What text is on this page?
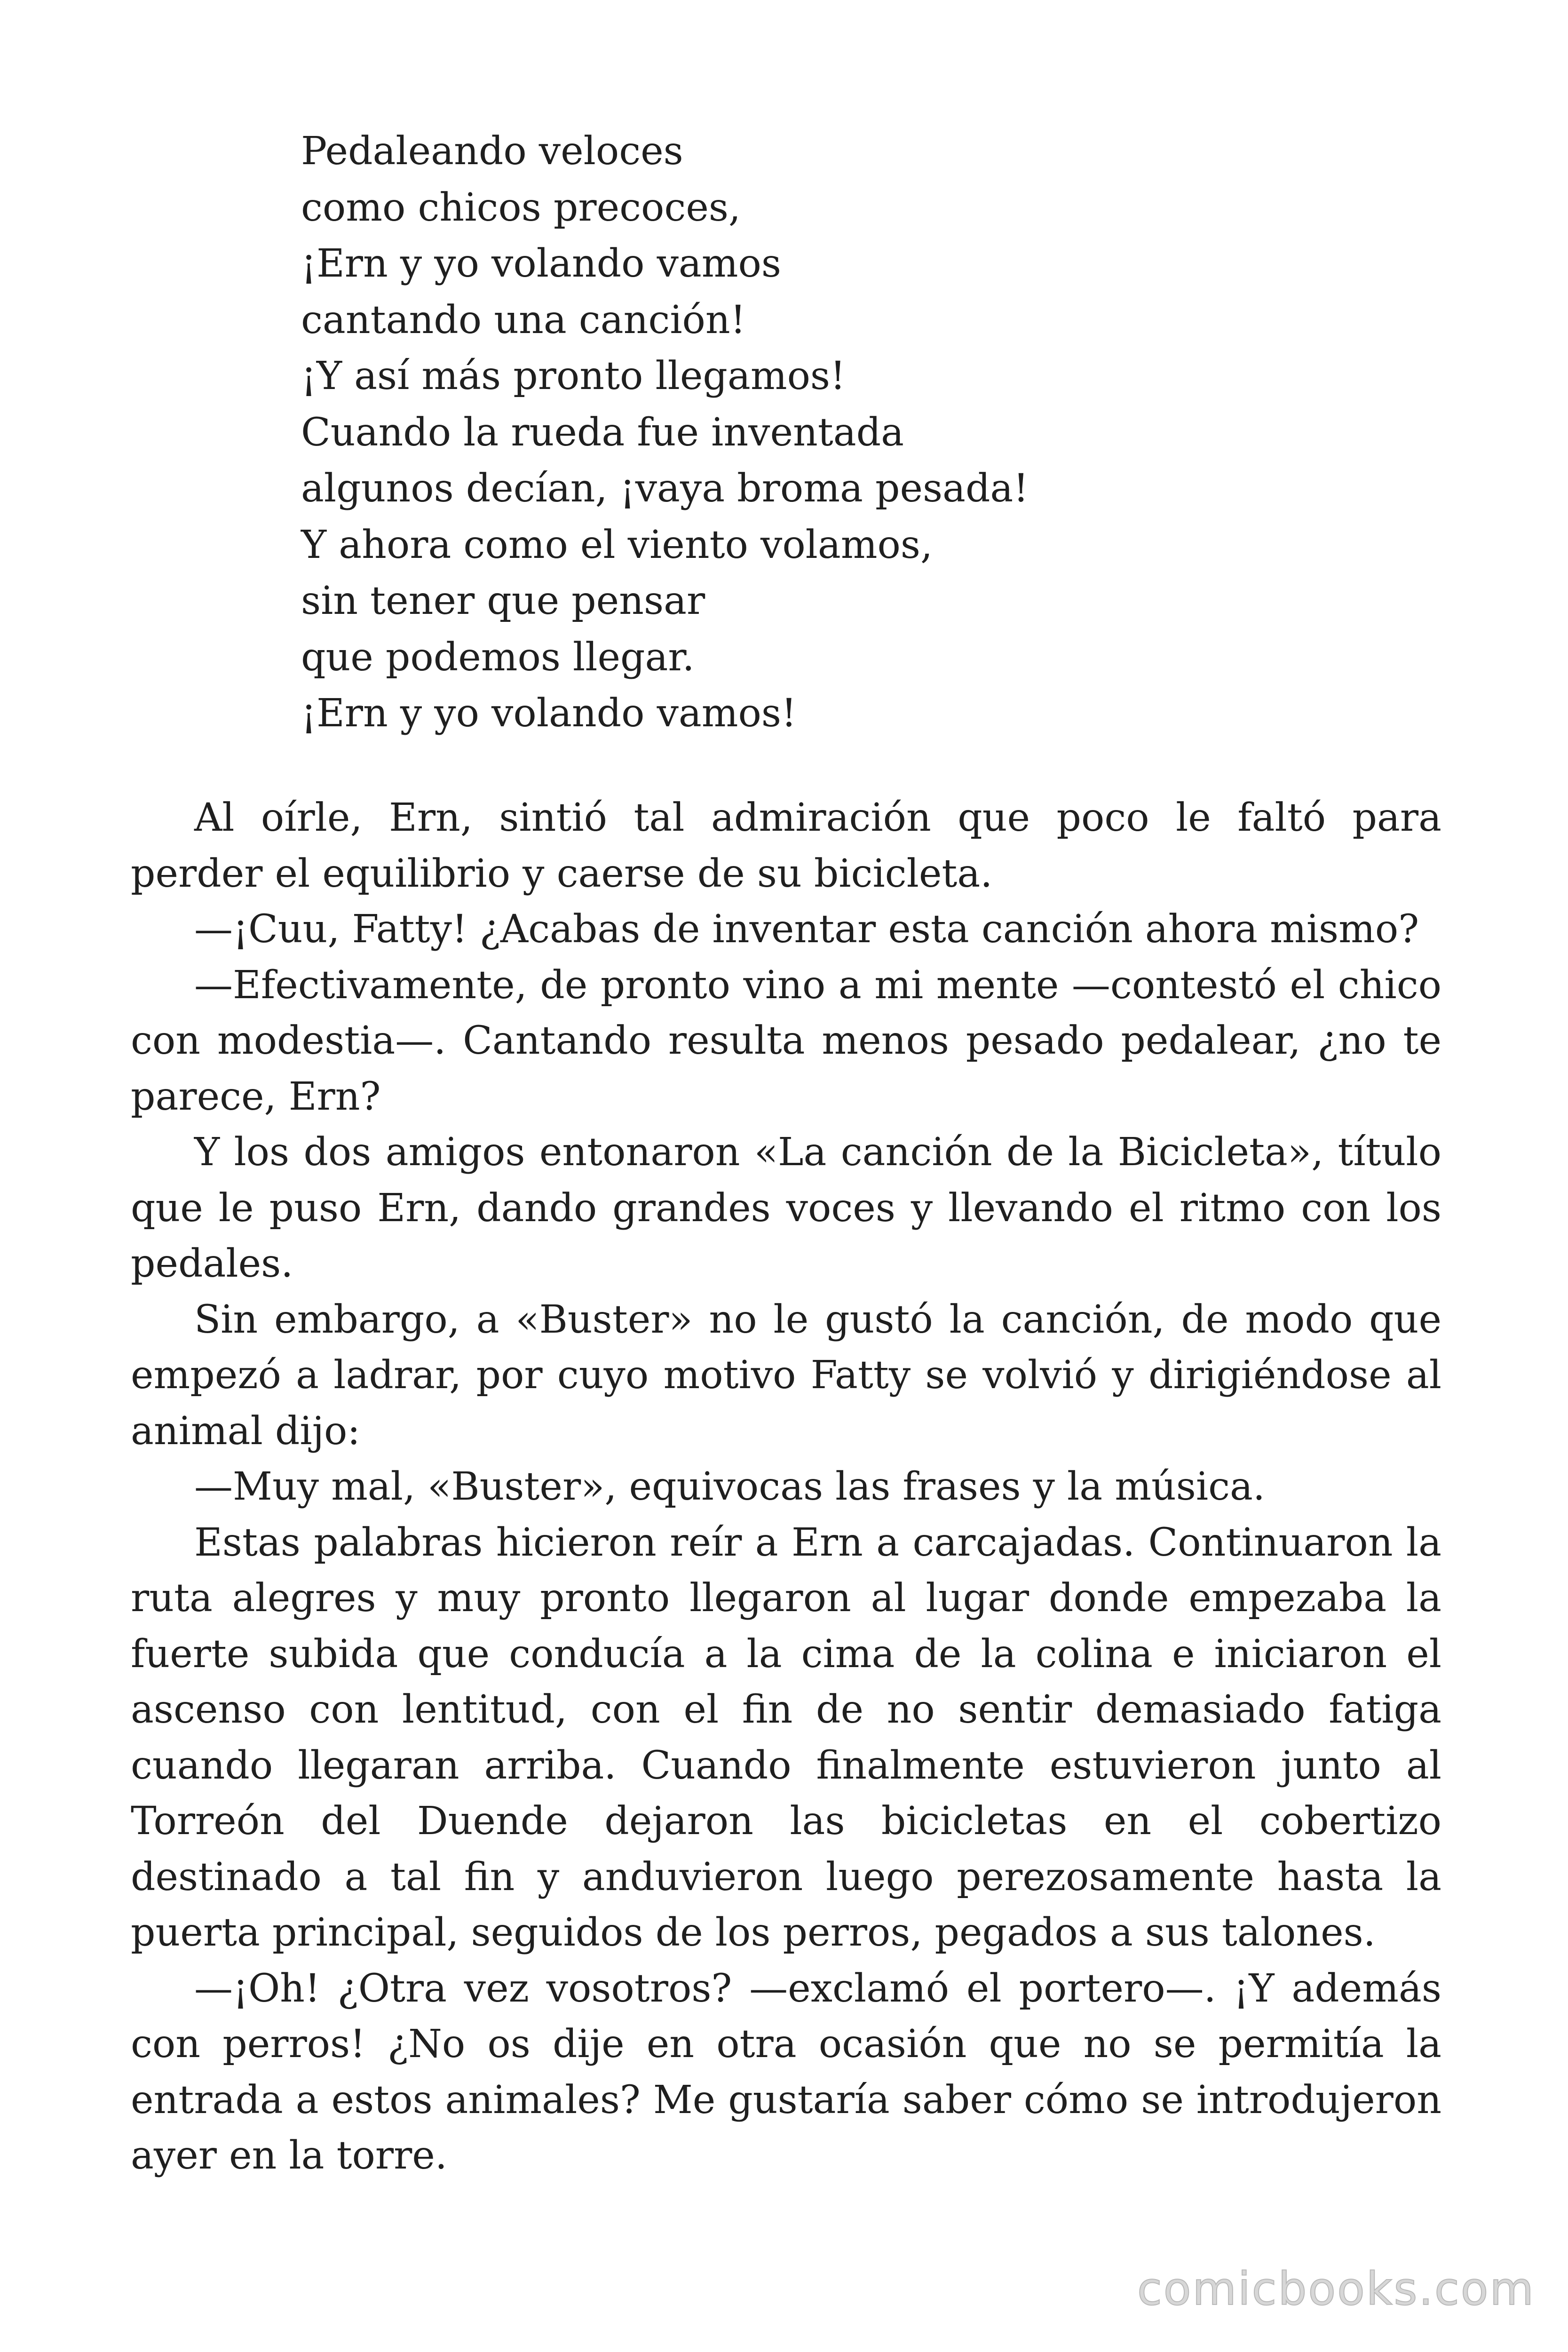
Pedaleando veloces
como chicos precoces,
¡Ern y yo volando vamos
cantando una canción!
¡Y así más pronto llegamos!
Cuando la rueda fue inventada
algunos decían, ¡vaya broma pesada!
Y ahora como el viento volamos,
sin tener que pensar
que podemos llegar.
¡Ern y yo volando vamos!

Al oírle, Ern, sintió tal admiración que poco le faltó para perder el equilibrio y caerse de su bicicleta.

—¡Cuu, Fatty! ¿Acabas de inventar esta canción ahora mismo?

—Efectivamente, de pronto vino a mi mente —contestó el chico con modestia—. Cantando resulta menos pesado pedalear, ¿no te parece, Ern?

Y los dos amigos entonaron «La canción de la Bicicleta», título que le puso Ern, dando grandes voces y llevando el ritmo con los pedales.

Sin embargo, a «Buster» no le gustó la canción, de modo que empezó a ladrar, por cuyo motivo Fatty se volvió y dirigiéndose al animal dijo:

—Muy mal, «Buster», equivocas las frases y la música.

Estas palabras hicieron reír a Ern a carcajadas. Continuaron la ruta alegres y muy pronto llegaron al lugar donde empezaba la fuerte subida que conducía a la cima de la colina e iniciaron el ascenso con lentitud, con el fin de no sentir demasiado fatiga cuando llegaran arriba. Cuando finalmente estuvieron junto al Torreón del Duende dejaron las bicicletas en el cobertizo destinado a tal fin y anduvieron luego perezosamente hasta la puerta principal, seguidos de los perros, pegados a sus talones.

—¡Oh! ¿Otra vez vosotros? —exclamó el portero—. ¡Y además con perros! ¿No os dije en otra ocasión que no se permitía la entrada a estos animales? Me gustaría saber cómo se introdujeron ayer en la torre.

comicbooks.com
